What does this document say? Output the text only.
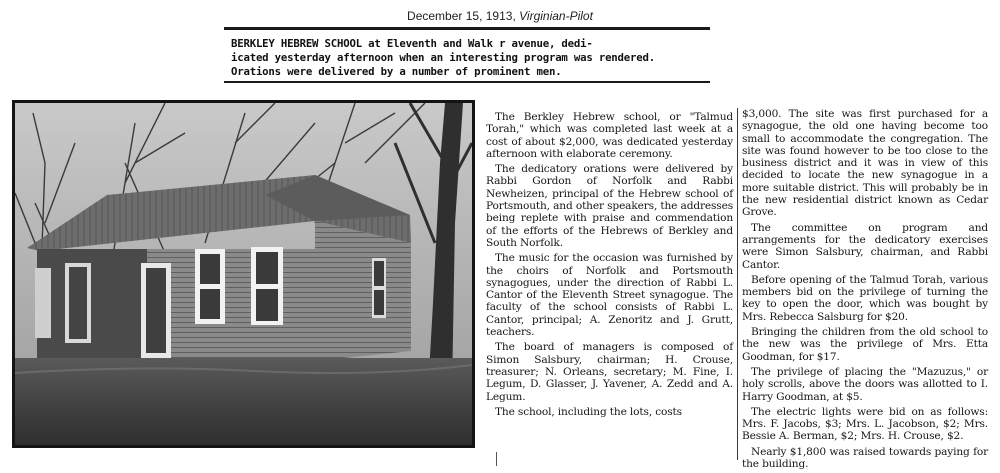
December 15, 1913, Virginian-Pilot

BERKLEY HEBREW SCHOOL at Eleventh and Walk r avenue, dedi-

icated yesterday afternoon when an interesting program was rendered.

Orations were delivered by a number of prominent men.

The Berkley Hebrew school, or "Talmud Torah," which was completed last week at a cost of about $2,000, was dedicated yesterday afternoon with elaborate ceremony.

The dedicatory orations were delivered by Rabbi Gordon of Norfolk and Rabbi Newheizen, principal of the Hebrew school of Portsmouth, and other speakers, the addresses being replete with praise and commendation of the efforts of the Hebrews of Berkley and South Norfolk.

The music for the occasion was furnished by the choirs of Norfolk and Portsmouth synagogues, under the direction of Rabbi L. Cantor of the Eleventh Street synagogue. The faculty of the school consists of Rabbi L. Cantor, principal; A. Zenoritz and J. Grutt, teachers.

The board of managers is composed of Simon Salsbury, chairman; H. Crouse, treasurer; N. Orleans, secretary; M. Fine, I. Legum, D. Glasser, J. Yavener, A. Zedd and A. Legum.

The school, including the lots, costs

$3,000. The site was first purchased for a synagogue, the old one having become too small to accommodate the congregation. The site was found however to be too close to the business district and it was in view of this decided to locate the new synagogue in a more suitable district. This will probably be in the new residential district known as Cedar Grove.

The committee on program and arrangements for the dedicatory exercises were Simon Salsbury, chairman, and Rabbi Cantor.

Before opening of the Talmud Torah, various members bid on the privilege of turning the key to open the door, which was bought by Mrs. Rebecca Salsburg for $20.

Bringing the children from the old school to the new was the privilege of Mrs. Etta Goodman, for $17.

The privilege of placing the "Mazuzus," or holy scrolls, above the doors was allotted to I. Harry Goodman, at $5.

The electric lights were bid on as follows: Mrs. F. Jacobs, $3; Mrs. L. Jacobson, $2; Mrs. Bessie A. Berman, $2; Mrs. H. Crouse, $2.

Nearly $1,800 was raised towards paying for the building.
